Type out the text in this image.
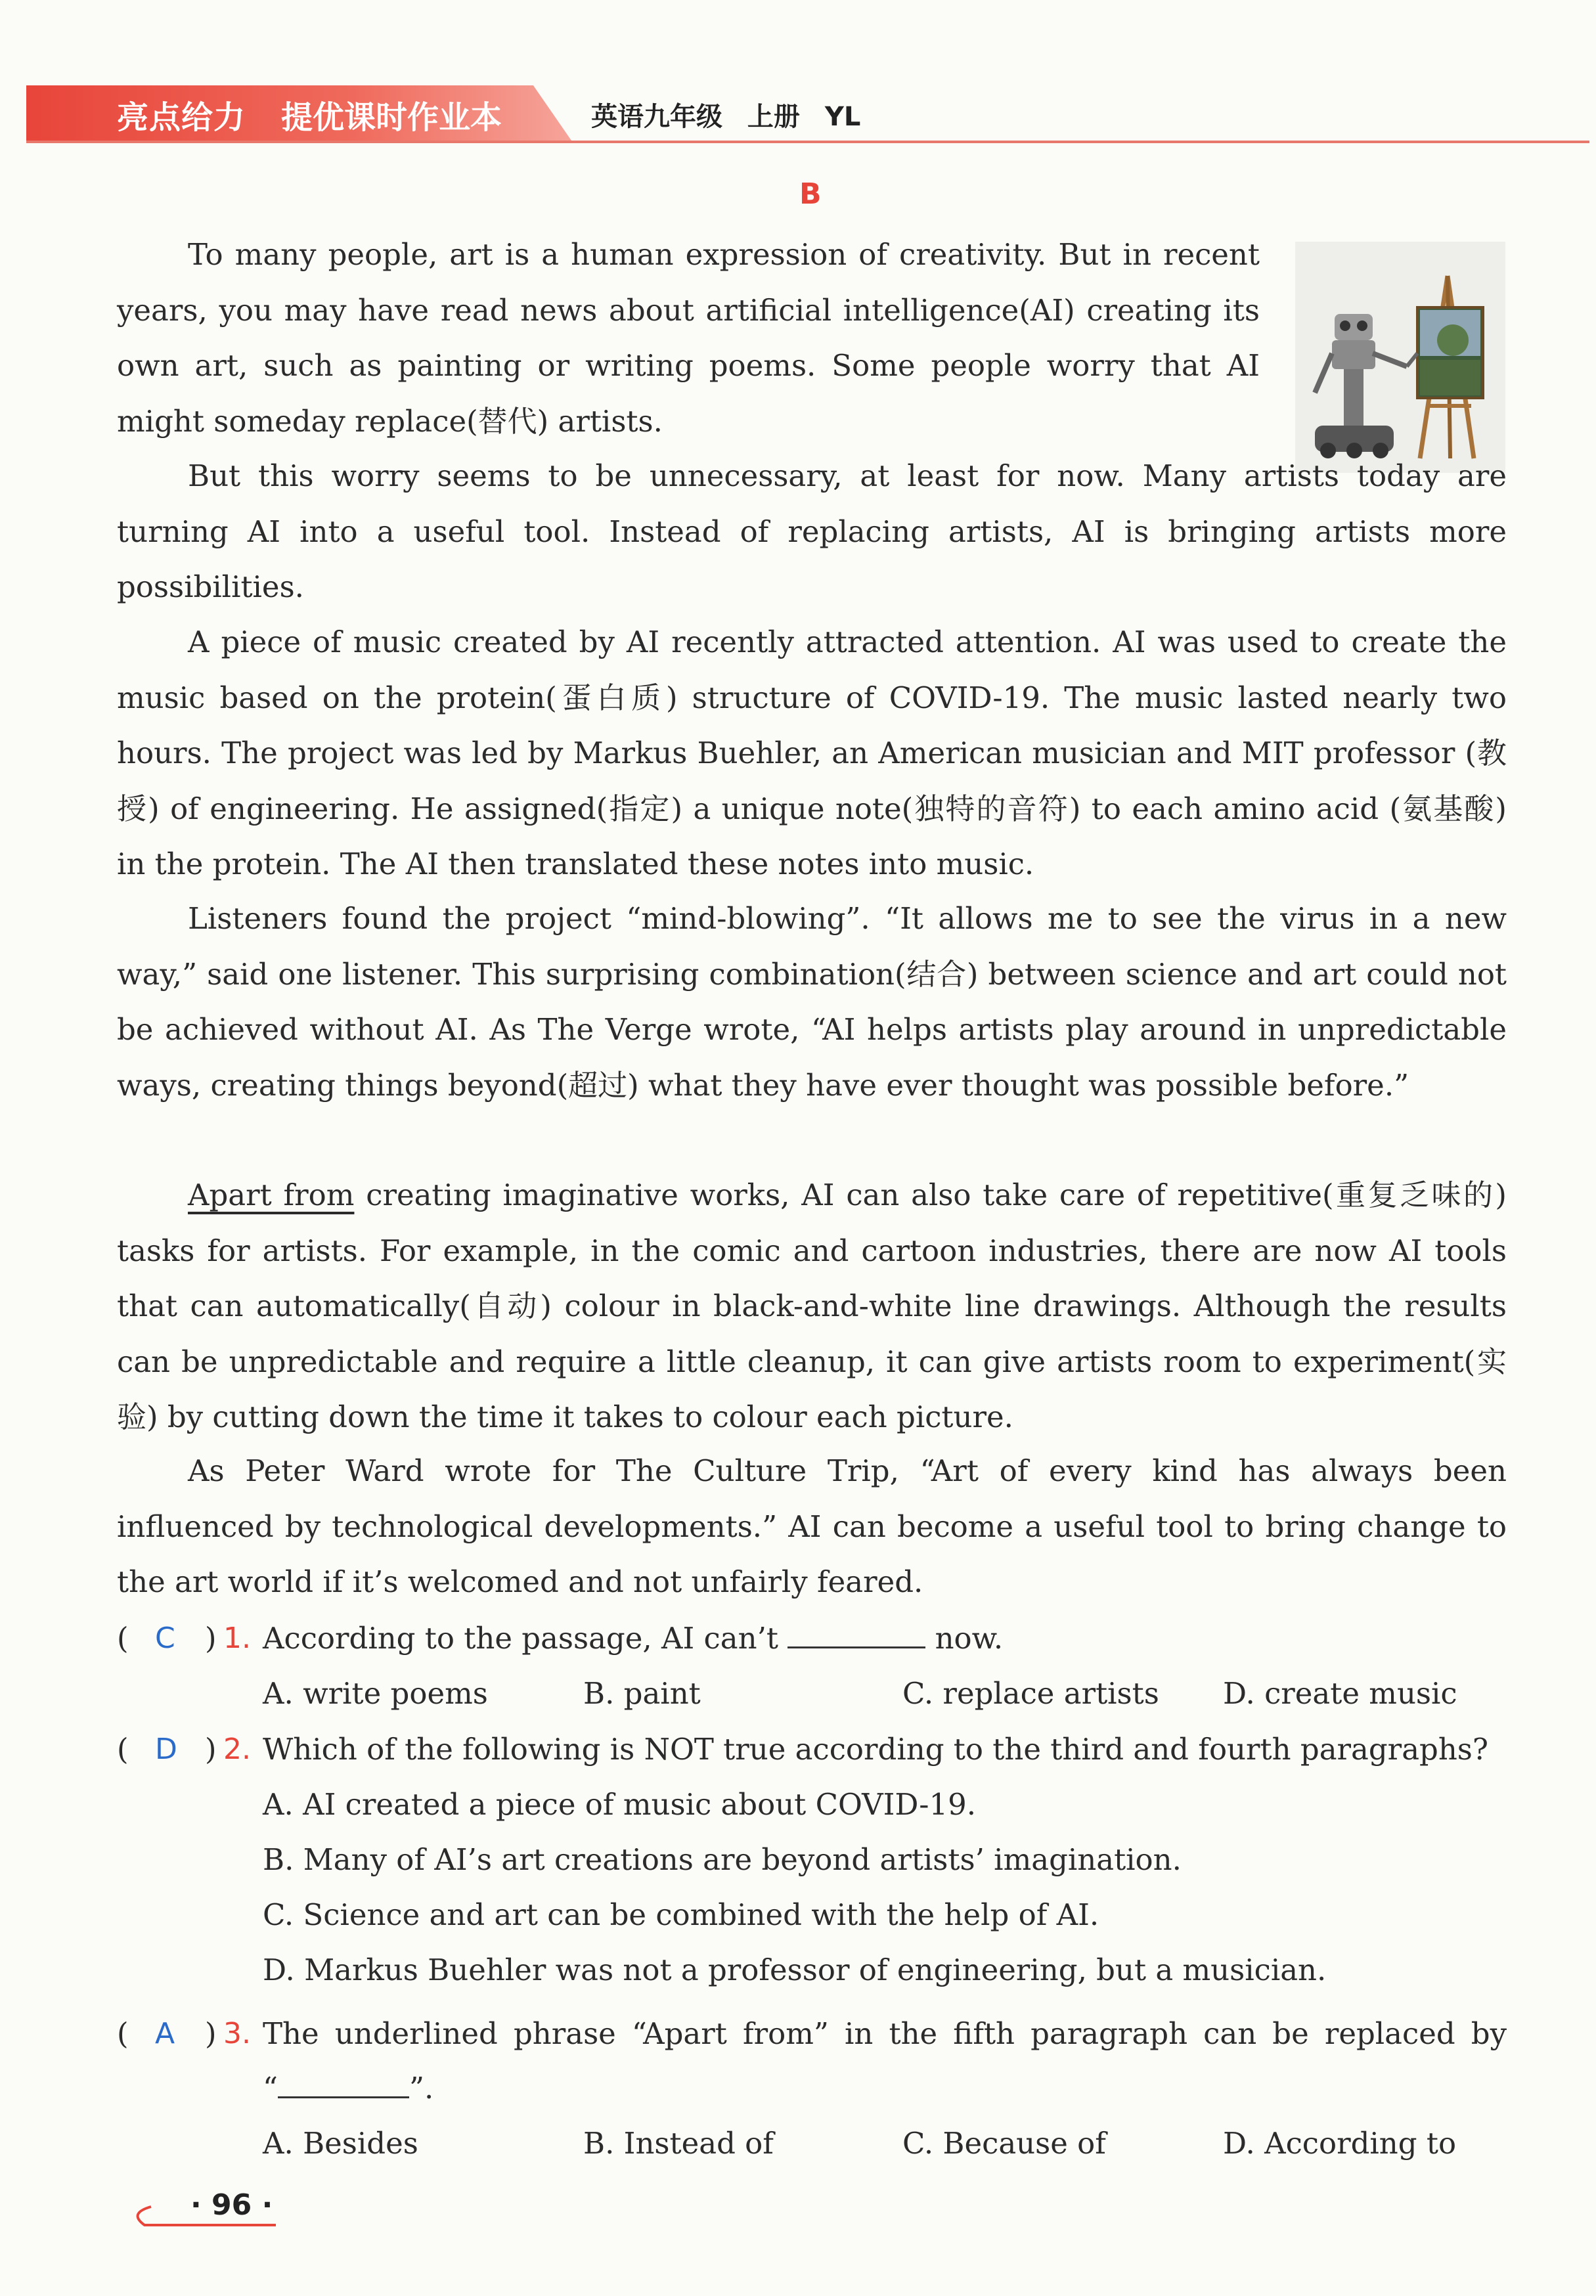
亮点给力 提优课时作业本	英语九年级 上册 YL
B

To many people, art is a human expression of creativity. But in recent years, you may have read news about artificial intelligence(AI) creating its own art, such as painting or writing poems. Some people worry that AI might someday replace(替代) artists.

But this worry seems to be unnecessary, at least for now. Many artists today are turning AI into a useful tool. Instead of replacing artists, AI is bringing artists more possibilities.

A piece of music created by AI recently attracted attention. AI was used to create the music based on the protein(蛋白质) structure of COVID-19. The music lasted nearly two hours. The project was led by Markus Buehler, an American musician and MIT professor (教授) of engineering. He assigned(指定) a unique note(独特的音符) to each amino acid (氨基酸) in the protein. The AI then translated these notes into music.

Listeners found the project “mind-blowing”. “It allows me to see the virus in a new way,” said one listener. This surprising combination(结合) between science and art could not be achieved without AI. As The Verge wrote, “AI helps artists play around in unpredictable ways, creating things beyond(超过) what they have ever thought was possible before.”

Apart from creating imaginative works, AI can also take care of repetitive(重复乏味的) tasks for artists. For example, in the comic and cartoon industries, there are now AI tools that can automatically(自动) colour in black-and-white line drawings. Although the results can be unpredictable and require a little cleanup, it can give artists room to experiment(实验) by cutting down the time it takes to colour each picture.

As Peter Ward wrote for The Culture Trip, “Art of every kind has always been influenced by technological developments.” AI can become a useful tool to bring change to the art world if it’s welcomed and not unfairly feared.

( C ) 1. According to the passage, AI can’t	now.
A. write poems	B. paint	C. replace artists D. create music
( D ) 2. Which of the following is NOT true according to the third and fourth paragraphs?
A. AI created a piece of music about COVID-19.
B. Many of AI’s art creations are beyond artists’ imagination.
C. Science and art can be combined with the help of AI.
D. Markus Buehler was not a professor of engineering, but a musician.
( A ) 3. The underlined phrase “Apart from” in the fifth paragraph can be replaced by
“	”.
A. Besides	B. Instead of	C. Because of	D. According to
· 96 ·
